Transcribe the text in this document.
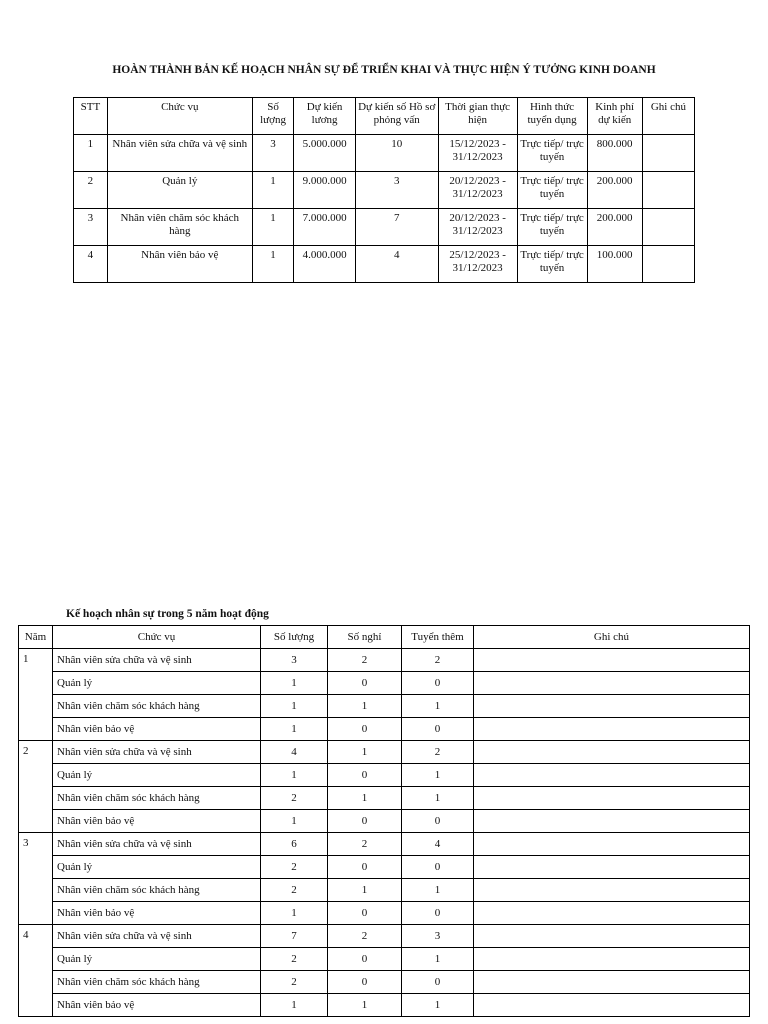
HOÀN THÀNH BẢN KẾ HOẠCH NHÂN SỰ ĐỂ TRIỂN KHAI VÀ THỰC HIỆN Ý TƯỞNG KINH DOANH
STT	Chức vụ	Số lượng	Dự kiến lương	Dự kiến số Hồ sơ phỏng vấn	Thời gian thực hiện	Hình thức tuyển dụng	Kinh phí dự kiến	Ghi chú
1	Nhân viên sửa chữa và vệ sinh	3	5.000.000	10	15/12/2023 - 31/12/2023	Trực tiếp/ trực tuyến	800.000	
2	Quản lý	1	9.000.000	3	20/12/2023 - 31/12/2023	Trực tiếp/ trực tuyến	200.000	
3	Nhân viên chăm sóc khách hàng	1	7.000.000	7	20/12/2023 - 31/12/2023	Trực tiếp/ trực tuyến	200.000	
4	Nhân viên bảo vệ	1	4.000.000	4	25/12/2023 - 31/12/2023	Trực tiếp/ trực tuyến	100.000	
Kế hoạch nhân sự trong 5 năm hoạt động
Năm	Chức vụ	Số lượng	Số nghỉ	Tuyển thêm	Ghi chú
1	Nhân viên sửa chữa và vệ sinh	3	2	2	
	Quản lý	1	0	0	
	Nhân viên chăm sóc khách hàng	1	1	1	
	Nhân viên bảo vệ	1	0	0	
2	Nhân viên sửa chữa và vệ sinh	4	1	2	
	Quản lý	1	0	1	
	Nhân viên chăm sóc khách hàng	2	1	1	
	Nhân viên bảo vệ	1	0	0	
3	Nhân viên sửa chữa và vệ sinh	6	2	4	
	Quản lý	2	0	0	
	Nhân viên chăm sóc khách hàng	2	1	1	
	Nhân viên bảo vệ	1	0	0	
4	Nhân viên sửa chữa và vệ sinh	7	2	3	
	Quản lý	2	0	1	
	Nhân viên chăm sóc khách hàng	2	0	0	
	Nhân viên bảo vệ	1	1	1	
